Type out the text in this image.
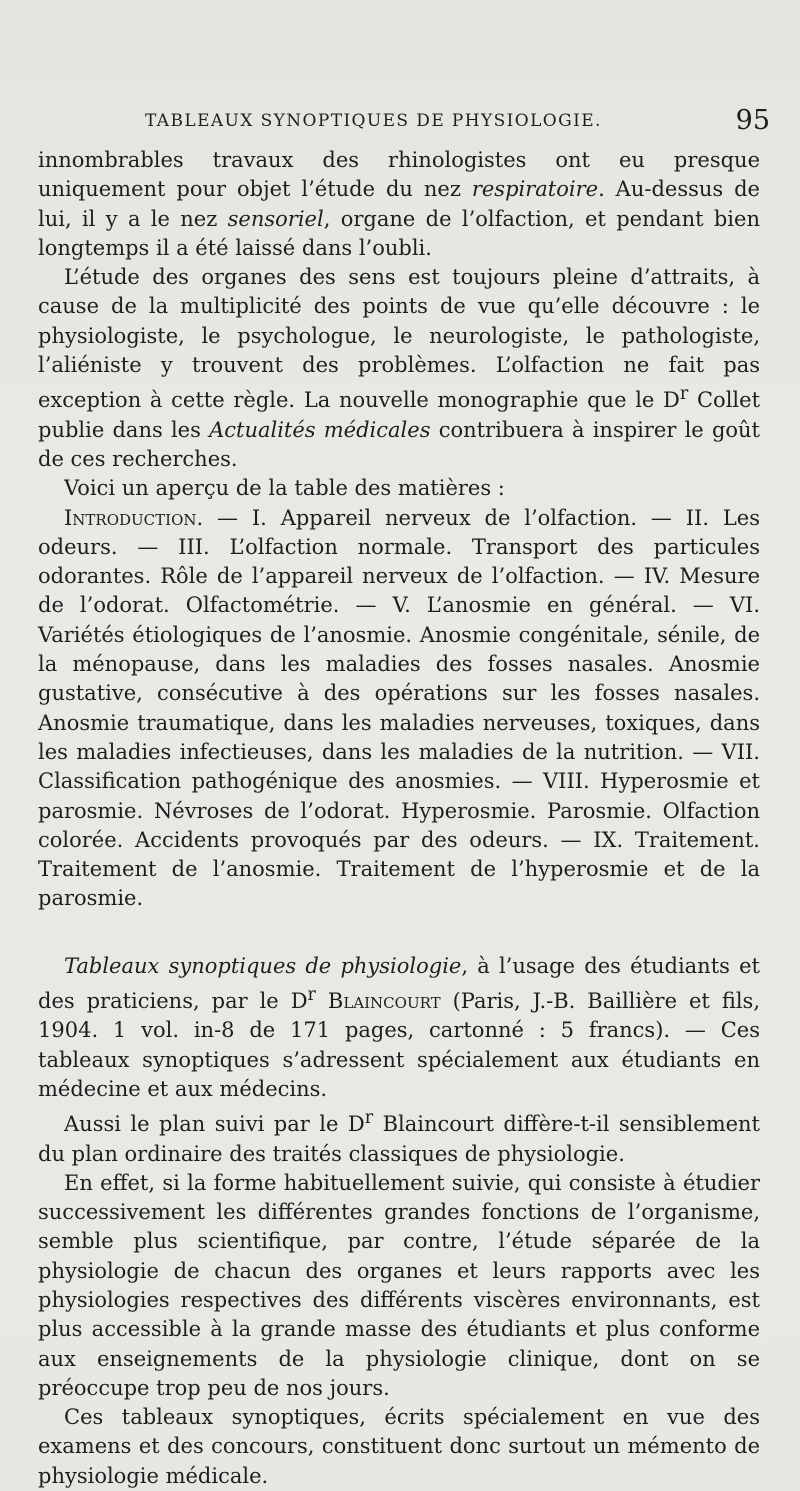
TABLEAUX SYNOPTIQUES DE PHYSIOLOGIE.	95

innombrables travaux des rhinologistes ont eu presque uniquement pour objet l’étude du nez respiratoire. Au-dessus de lui, il y a le nez sensoriel, organe de l’olfaction, et pendant bien longtemps il a été laissé dans l’oubli.

L’étude des organes des sens est toujours pleine d’attraits, à cause de la multiplicité des points de vue qu’elle découvre : le physiologiste, le psychologue, le neurologiste, le pathologiste, l’aliéniste y trouvent des problèmes. L’olfaction ne fait pas exception à cette règle. La nouvelle monographie que le $D^r$ Collet publie dans les Actualités médicales contribuera à inspirer le goût de ces recherches.

Voici un aperçu de la table des matières :

Introduction. — I. Appareil nerveux de l’olfaction. — II. Les odeurs. — III. L’olfaction normale. Transport des particules odorantes. Rôle de l’appareil nerveux de l’olfaction. — IV. Mesure de l’odorat. Olfactométrie. — V. L’anosmie en général. — VI. Variétés étiologiques de l’anosmie. Anosmie congénitale, sénile, de la ménopause, dans les maladies des fosses nasales. Anosmie gustative, consécutive à des opérations sur les fosses nasales. Anosmie traumatique, dans les maladies nerveuses, toxiques, dans les maladies infectieuses, dans les maladies de la nutrition. — VII. Classification pathogénique des anosmies. — VIII. Hyperosmie et parosmie. Névroses de l’odorat. Hyperosmie. Parosmie. Olfaction colorée. Accidents provoqués par des odeurs. — IX. Traitement. Traitement de l’anosmie. Traitement de l’hyperosmie et de la parosmie.

Tableaux synoptiques de physiologie, à l’usage des étudiants et des praticiens, par le $D^r$ Blaincourt (Paris, J.-B. Baillière et fils, 1904. 1 vol. in-8 de 171 pages, cartonné : 5 francs). — Ces tableaux synoptiques s’adressent spécialement aux étudiants en médecine et aux médecins.

Aussi le plan suivi par le $D^r$ Blaincourt diffère-t-il sensiblement du plan ordinaire des traités classiques de physiologie.

En effet, si la forme habituellement suivie, qui consiste à étudier successivement les différentes grandes fonctions de l’organisme, semble plus scientifique, par contre, l’étude séparée de la physiologie de chacun des organes et leurs rapports avec les physiologies respectives des différents viscères environnants, est plus accessible à la grande masse des étudiants et plus conforme aux enseignements de la physiologie clinique, dont on se préoccupe trop peu de nos jours.

Ces tableaux synoptiques, écrits spécialement en vue des examens et des concours, constituent donc surtout un mémento de physiologie médicale.
